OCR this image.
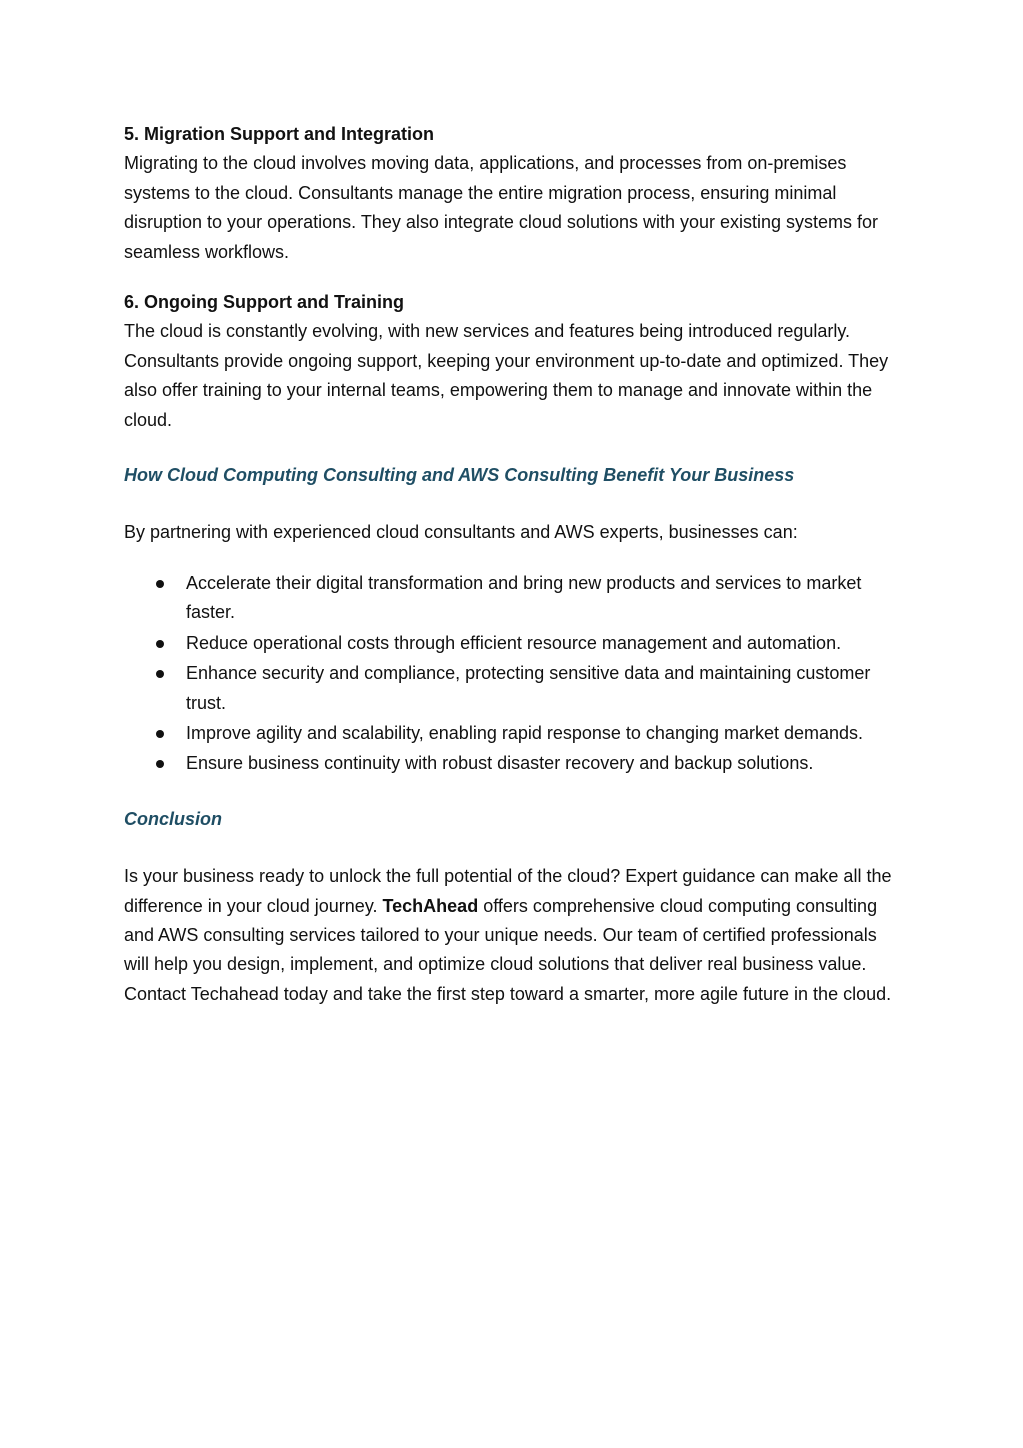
5. Migration Support and Integration

Migrating to the cloud involves moving data, applications, and processes from on-premises systems to the cloud. Consultants manage the entire migration process, ensuring minimal disruption to your operations. They also integrate cloud solutions with your existing systems for seamless workflows.

6. Ongoing Support and Training

The cloud is constantly evolving, with new services and features being introduced regularly. Consultants provide ongoing support, keeping your environment up-to-date and optimized. They also offer training to your internal teams, empowering them to manage and innovate within the cloud.

How Cloud Computing Consulting and AWS Consulting Benefit Your Business

By partnering with experienced cloud consultants and AWS experts, businesses can:

Accelerate their digital transformation and bring new products and services to market faster.
Reduce operational costs through efficient resource management and automation.
Enhance security and compliance, protecting sensitive data and maintaining customer trust.
Improve agility and scalability, enabling rapid response to changing market demands.
Ensure business continuity with robust disaster recovery and backup solutions.

Conclusion

Is your business ready to unlock the full potential of the cloud? Expert guidance can make all the difference in your cloud journey. TechAhead offers comprehensive cloud computing consulting and AWS consulting services tailored to your unique needs. Our team of certified professionals will help you design, implement, and optimize cloud solutions that deliver real business value. Contact Techahead today and take the first step toward a smarter, more agile future in the cloud.
